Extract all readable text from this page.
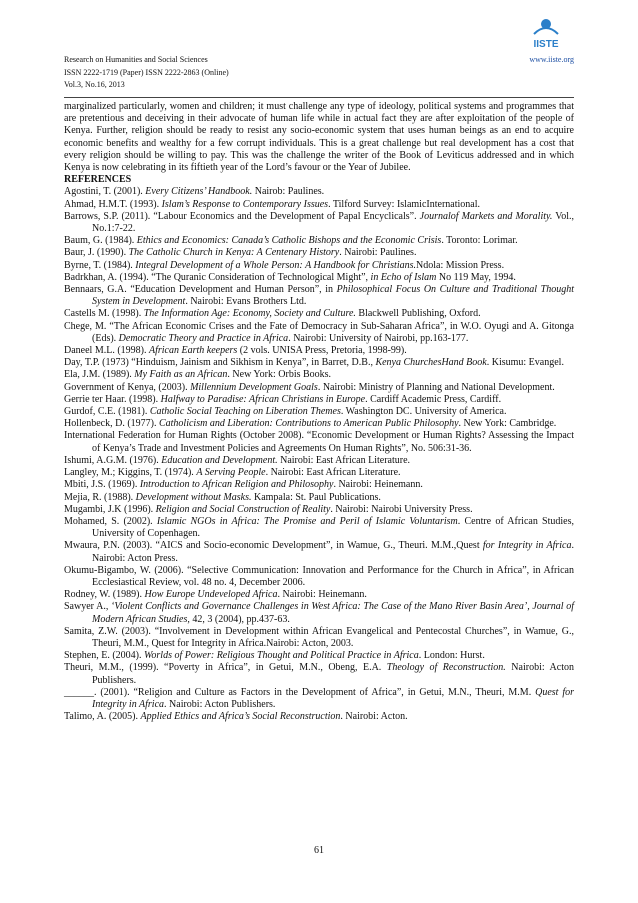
Research on Humanities and Social Sciences
ISSN 2222-1719 (Paper) ISSN 2222-2863 (Online)
Vol.3, No.16, 2013
www.iiste.org
IISTE

marginalized particularly, women and children; it must challenge any type of ideology, political systems and programmes that are pretentious and deceiving in their advocate of human life while in actual fact they are after exploitation of the people of Kenya. Further, religion should be ready to resist any socio-economic system that uses human beings as an end to acquire economic benefits and wealthy for a few corrupt individuals. This is a great challenge but real development has a cost that every religion should be willing to pay. This was the challenge the writer of the Book of Leviticus addressed and in which Kenya is now celebrating in its fiftieth year of the Lord’s favour or the Year of Jubilee.

REFERENCES

Agostini, T. (2001). Every Citizens’ Handbook. Nairob: Paulines.

Ahmad, H.M.T. (1993). Islam’s Response to Contemporary Issues. Tilford Survey: IslamicInternational.

Barrows, S.P. (2011). “Labour Economics and the Development of Papal Encyclicals”. Journalof Markets and Morality. Vol., No.1:7-22.

Baum, G. (1984). Ethics and Economics: Canada’s Catholic Bishops and the Economic Crisis. Toronto: Lorimar.

Baur, J. (1990). The Catholic Church in Kenya: A Centenary History. Nairobi: Paulines.

Byrne, T. (1984). Integral Development of a Whole Person: A Handbook for Christians.Ndola: Mission Press.

Badrkhan, A. (1994). “The Quranic Consideration of Technological Might”, in Echo of Islam No 119 May, 1994.

Bennaars, G.A. “Education Development and Human Person”, in Philosophical Focus On Culture and Traditional Thought System in Development. Nairobi: Evans Brothers Ltd.

Castells M. (1998). The Information Age: Economy, Society and Culture. Blackwell Publishing, Oxford.

Chege, M. “The African Economic Crises and the Fate of Democracy in Sub-Saharan Africa”, in W.O. Oyugi and A. Gitonga (Eds). Democratic Theory and Practice in Africa. Nairobi: University of Nairobi, pp.163-177.

Daneel M.L. (1998). African Earth keepers (2 vols. UNISA Press, Pretoria, 1998-99).

Day, T.P. (1973) “Hinduism, Jainism and Sikhism in Kenya”, in Barret, D.B., Kenya ChurchesHand Book. Kisumu: Evangel.

Ela, J.M. (1989). My Faith as an African. New York: Orbis Books.

Government of Kenya, (2003). Millennium Development Goals. Nairobi: Ministry of Planning and National Development.

Gerrie ter Haar. (1998). Halfway to Paradise: African Christians in Europe. Cardiff Academic Press, Cardiff.

Gurdof, C.E. (1981). Catholic Social Teaching on Liberation Themes. Washington DC. University of America.

Hollenbeck, D. (1977). Catholicism and Liberation: Contributions to American Public Philosophy. New York: Cambridge.

International Federation for Human Rights (October 2008). “Economic Development or Human Rights? Assessing the Impact of Kenya’s Trade and Investment Policies and Agreements On Human Rights”, No. 506:31-36.

Ishumi, A.G.M. (1976). Education and Development. Nairobi: East African Literature.

Langley, M.; Kiggins, T. (1974). A Serving People. Nairobi: East African Literature.

Mbiti, J.S. (1969). Introduction to African Religion and Philosophy. Nairobi: Heinemann.

Mejia, R. (1988). Development without Masks. Kampala: St. Paul Publications.

Mugambi, J.K (1996). Religion and Social Construction of Reality. Nairobi: Nairobi University Press.

Mohamed, S. (2002). Islamic NGOs in Africa: The Promise and Peril of Islamic Voluntarism. Centre of African Studies, University of Copenhagen.

Mwaura, P.N. (2003). “AICS and Socio-economic Development”, in Wamue, G., Theuri. M.M.,Quest for Integrity in Africa. Nairobi: Acton Press.

Okumu-Bigambo, W. (2006). “Selective Communication: Innovation and Performance for the Church in Africa”, in African Ecclesiastical Review, vol. 48 no. 4, December 2006.

Rodney, W. (1989). How Europe Undeveloped Africa. Nairobi: Heinemann.

Sawyer A., ‘Violent Conflicts and Governance Challenges in West Africa: The Case of the Mano River Basin Area’, Journal of Modern African Studies, 42, 3 (2004), pp.437-63.

Samita, Z.W. (2003). “Involvement in Development within African Evangelical and Pentecostal Churches”, in Wamue, G., Theuri, M.M., Quest for Integrity in Africa.Nairobi: Acton, 2003.

Stephen, E. (2004). Worlds of Power: Religious Thought and Political Practice in Africa. London: Hurst.

Theuri, M.M., (1999). “Poverty in Africa”, in Getui, M.N., Obeng, E.A. Theology of Reconstruction. Nairobi: Acton Publishers.

______. (2001). “Religion and Culture as Factors in the Development of Africa”, in Getui, M.N., Theuri, M.M. Quest for Integrity in Africa. Nairobi: Acton Publishers.

Talimo, A. (2005). Applied Ethics and Africa’s Social Reconstruction. Nairobi: Acton.

61
